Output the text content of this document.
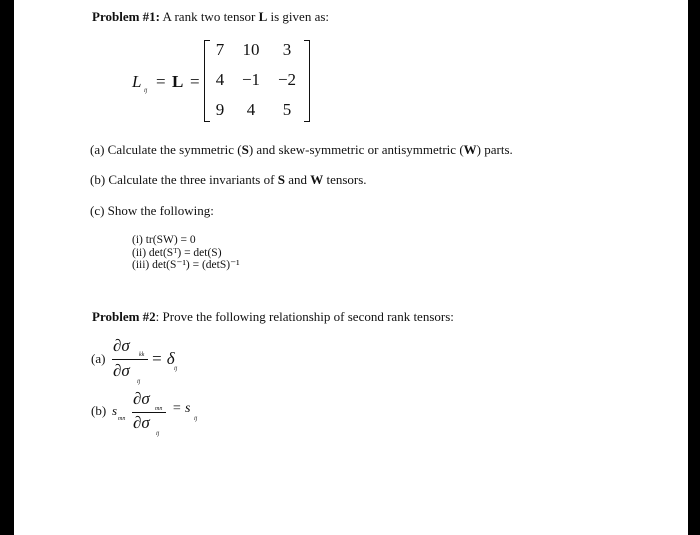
Problem #1: A rank two tensor L is given as:
L ij = L =
7	10	3
4	−1	−2
9	4	5
(a) Calculate the symmetric (S) and skew-symmetric or antisymmetric (W) parts.
(b) Calculate the three invariants of S and W tensors.
(c) Show the following:
(i) tr(SW) = 0
(ii) det(Sᵀ) = det(S)
(iii) det(S⁻¹) = (detS)⁻¹
Problem #2: Prove the following relationship of second rank tensors:
(a)
∂σ kk
∂σ
ij
= δ
ij
(b) s
mn
∂σ
mn
∂σ
ij
= s
ij
